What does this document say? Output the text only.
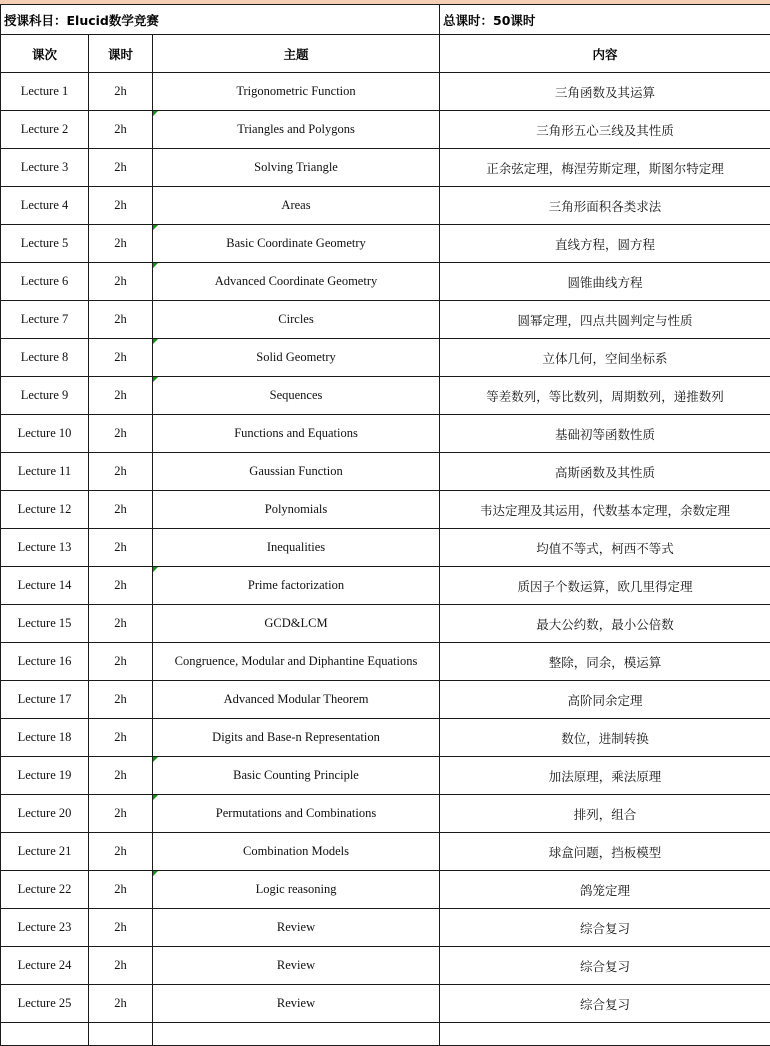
授课科目：Elucid数学竞赛			总课时：50课时
课次	课时	主题	内容
Lecture 1	2h	Trigonometric Function	三角函数及其运算
Lecture 2	2h	Triangles and Polygons	三角形五心三线及其性质
Lecture 3	2h	Solving Triangle	正余弦定理，梅涅劳斯定理，斯图尔特定理
Lecture 4	2h	Areas	三角形面积各类求法
Lecture 5	2h	Basic Coordinate Geometry	直线方程，圆方程
Lecture 6	2h	Advanced Coordinate Geometry	圆锥曲线方程
Lecture 7	2h	Circles	圆幂定理，四点共圆判定与性质
Lecture 8	2h	Solid Geometry	立体几何，空间坐标系
Lecture 9	2h	Sequences	等差数列，等比数列，周期数列，递推数列
Lecture 10	2h	Functions and Equations	基础初等函数性质
Lecture 11	2h	Gaussian Function	高斯函数及其性质
Lecture 12	2h	Polynomials	韦达定理及其运用，代数基本定理，余数定理
Lecture 13	2h	Inequalities	均值不等式，柯西不等式
Lecture 14	2h	Prime factorization	质因子个数运算，欧几里得定理
Lecture 15	2h	GCD&LCM	最大公约数，最小公倍数
Lecture 16	2h	Congruence, Modular and Diphantine Equations	整除，同余，模运算
Lecture 17	2h	Advanced Modular Theorem	高阶同余定理
Lecture 18	2h	Digits and Base-n Representation	数位，进制转换
Lecture 19	2h	Basic Counting Principle	加法原理，乘法原理
Lecture 20	2h	Permutations and Combinations	排列，组合
Lecture 21	2h	Combination Models	球盒问题，挡板模型
Lecture 22	2h	Logic reasoning	鸽笼定理
Lecture 23	2h	Review	综合复习
Lecture 24	2h	Review	综合复习
Lecture 25	2h	Review	综合复习
